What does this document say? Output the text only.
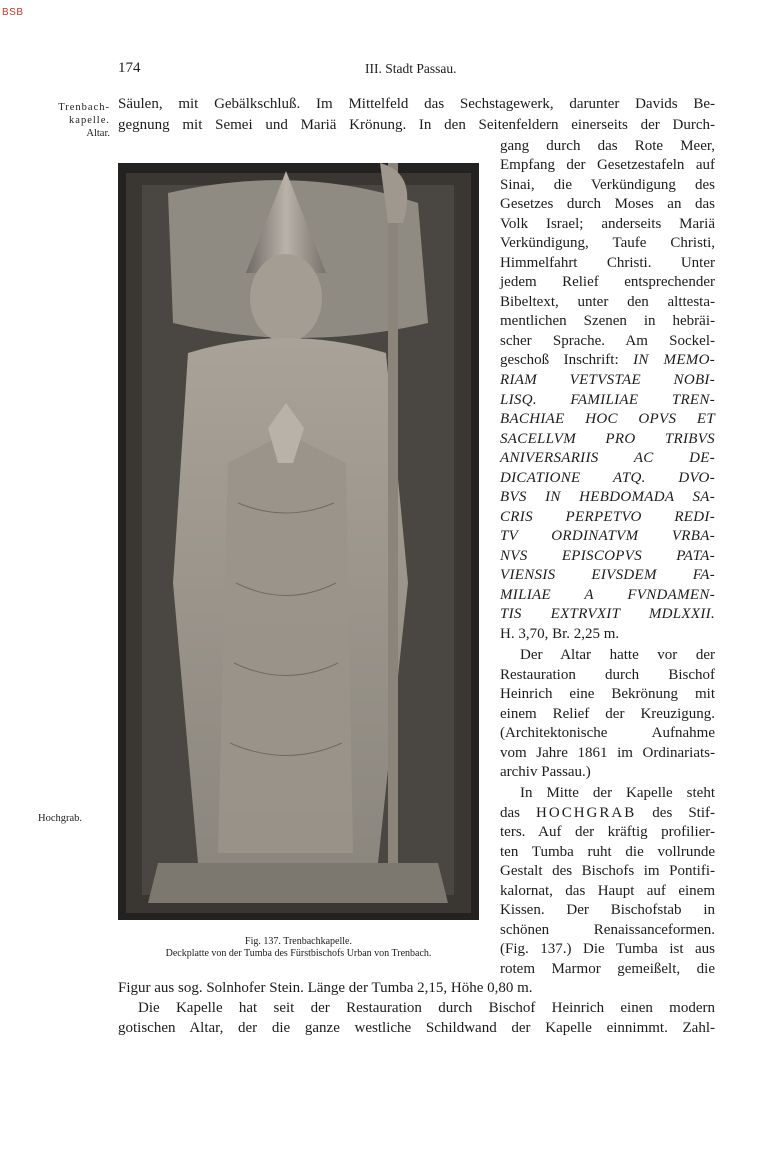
BSB
174	III. Stadt Passau.
Trenbach-
kapelle.
Altar.
Hochgrab.
Säulen, mit Gebälkschluß. Im Mittelfeld das Sechstagewerk, darunter Davids Be-
gegnung mit Semei und Mariä Krönung. In den Seitenfeldern einerseits der Durch-
Fig. 137. Trenbachkapelle.
Deckplatte von der Tumba des Fürstbischofs Urban von Trenbach.
gang durch das Rote Meer,
Empfang der Gesetzestafeln auf
Sinai, die Verkündigung des
Gesetzes durch Moses an das
Volk Israel; anderseits Mariä
Verkündigung, Taufe Christi,
Himmelfahrt Christi. Unter
jedem Relief entsprechender
Bibeltext, unter den alttesta-
mentlichen Szenen in hebräi-
scher Sprache. Am Sockel-
geschoß Inschrift: IN MEMO-
RIAM VETVSTAE NOBI-
LISQ. FAMILIAE TREN-
BACHIAE HOC OPVS ET
SACELLVM PRO TRIBVS
ANIVERSARIIS AC DE-
DICATIONE ATQ. DVO-
BVS IN HEBDOMADA SA-
CRIS PERPETVO REDI-
TV ORDINATVM VRBA-
NVS EPISCOPVS PATA-
VIENSIS EIVSDEM FA-
MILIAE A FVNDAMEN-
TIS EXTRVXIT MDLXXII.
H. 3,70, Br. 2,25 m.
Der Altar hatte vor der
Restauration durch Bischof
Heinrich eine Bekrönung mit
einem Relief der Kreuzigung.
(Architektonische Aufnahme
vom Jahre 1861 im Ordinariats-
archiv Passau.)
In Mitte der Kapelle steht
das HOCHGRAB des Stif-
ters. Auf der kräftig profilier-
ten Tumba ruht die vollrunde
Gestalt des Bischofs im Pontifi-
kalornat, das Haupt auf einem
Kissen. Der Bischofstab in
schönen Renaissanceformen.
(Fig. 137.) Die Tumba ist aus
rotem Marmor gemeißelt, die
Figur aus sog. Solnhofer Stein. Länge der Tumba 2,15, Höhe 0,80 m.
Die Kapelle hat seit der Restauration durch Bischof Heinrich einen modern
gotischen Altar, der die ganze westliche Schildwand der Kapelle einnimmt. Zahl-
